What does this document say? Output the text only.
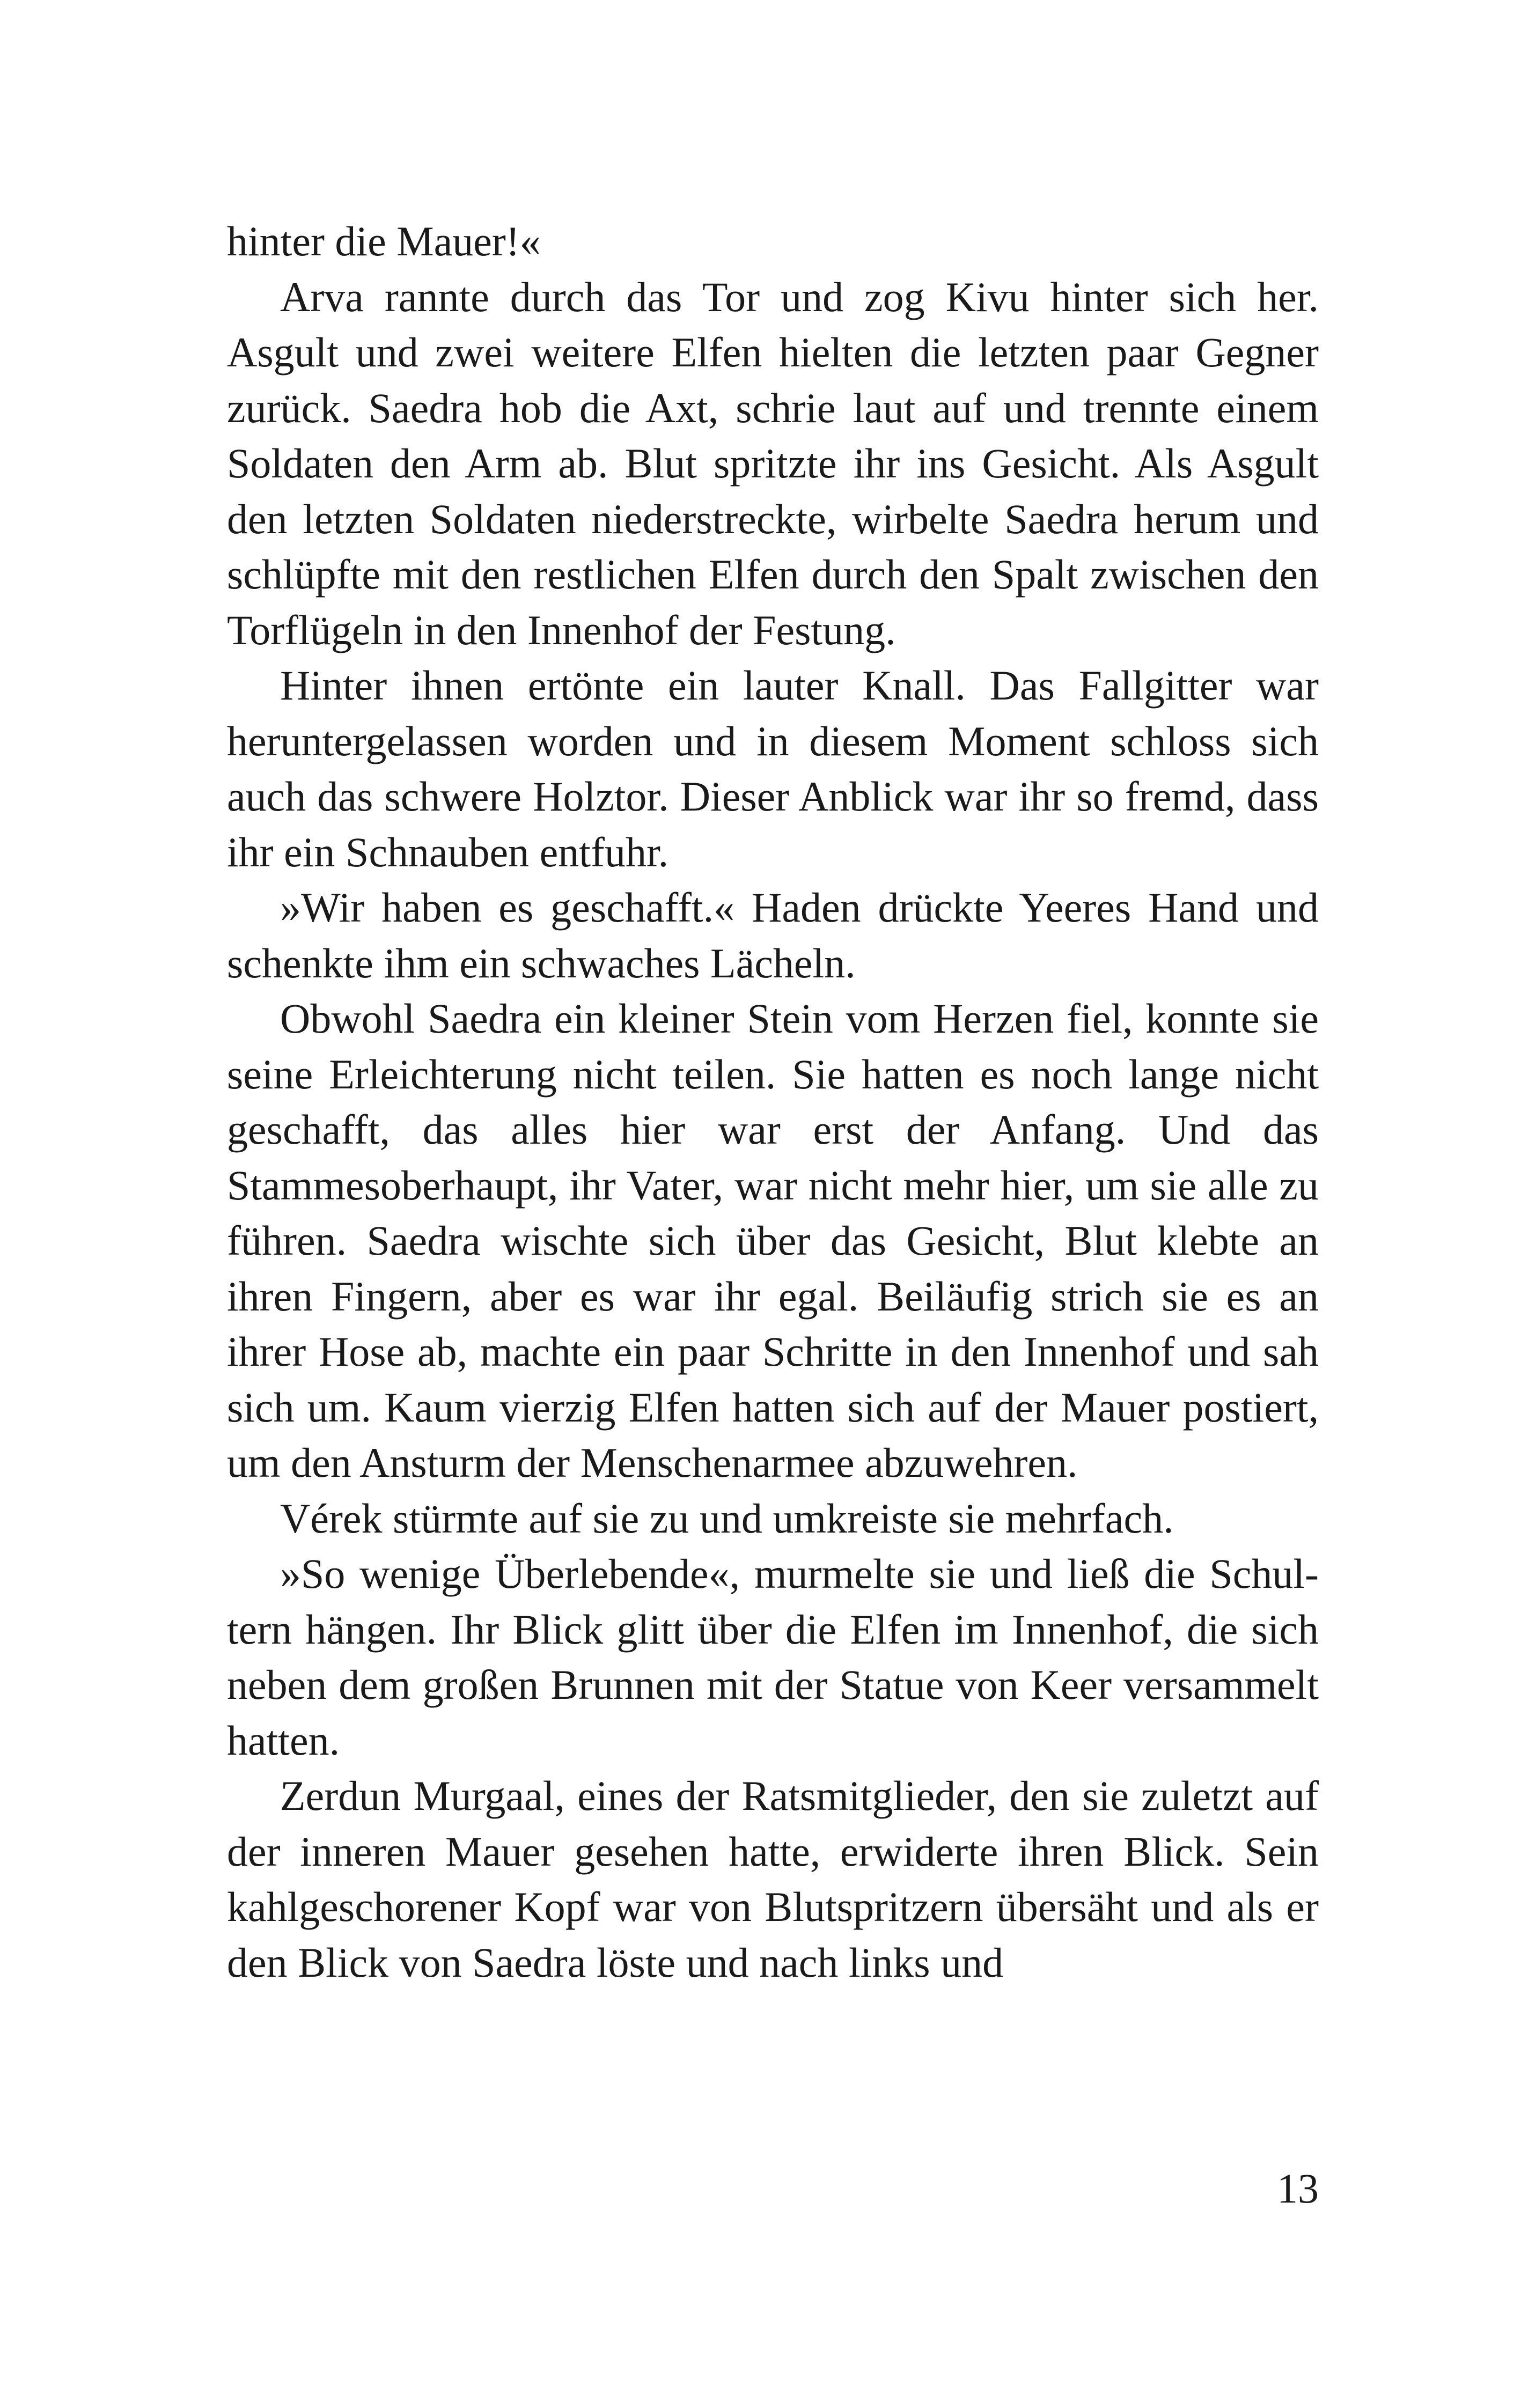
hinter die Mauer!«

Arva rannte durch das Tor und zog Kivu hinter sich her. Asgult und zwei weitere Elfen hielten die letzten paar Gegner zurück. Saedra hob die Axt, schrie laut auf und trennte einem Soldaten den Arm ab. Blut spritzte ihr ins Gesicht. Als Asgult den letzten Soldaten niederstreckte, wirbelte Saedra herum und schlüpfte mit den restlichen Elfen durch den Spalt zwischen den Torflügeln in den Innenhof der Festung.

Hinter ihnen ertönte ein lauter Knall. Das Fallgitter war heruntergelassen worden und in diesem Moment schloss sich auch das schwere Holztor. Dieser Anblick war ihr so fremd, dass ihr ein Schnauben entfuhr.

»Wir haben es geschafft.« Haden drückte Yeeres Hand und schenkte ihm ein schwaches Lächeln.

Obwohl Saedra ein kleiner Stein vom Herzen fiel, konnte sie seine Erleichterung nicht teilen. Sie hatten es noch lange nicht geschafft, das alles hier war erst der Anfang. Und das Stammesoberhaupt, ihr Vater, war nicht mehr hier, um sie alle zu führen. Saedra wischte sich über das Gesicht, Blut klebte an ihren Fingern, aber es war ihr egal. Beiläufig strich sie es an ihrer Hose ab, machte ein paar Schritte in den Innenhof und sah sich um. Kaum vierzig Elfen hatten sich auf der Mauer postiert, um den Ansturm der Menschenarmee abzuwehren.

Vérek stürmte auf sie zu und umkreiste sie mehrfach.

»So wenige Überlebende«, murmelte sie und ließ die Schultern hängen. Ihr Blick glitt über die Elfen im Innenhof, die sich neben dem großen Brunnen mit der Statue von Keer versammelt hatten.

Zerdun Murgaal, eines der Ratsmitglieder, den sie zuletzt auf der inneren Mauer gesehen hatte, erwiderte ihren Blick. Sein kahlgeschorener Kopf war von Blutspritzern übersäht und als er den Blick von Saedra löste und nach links und

13
